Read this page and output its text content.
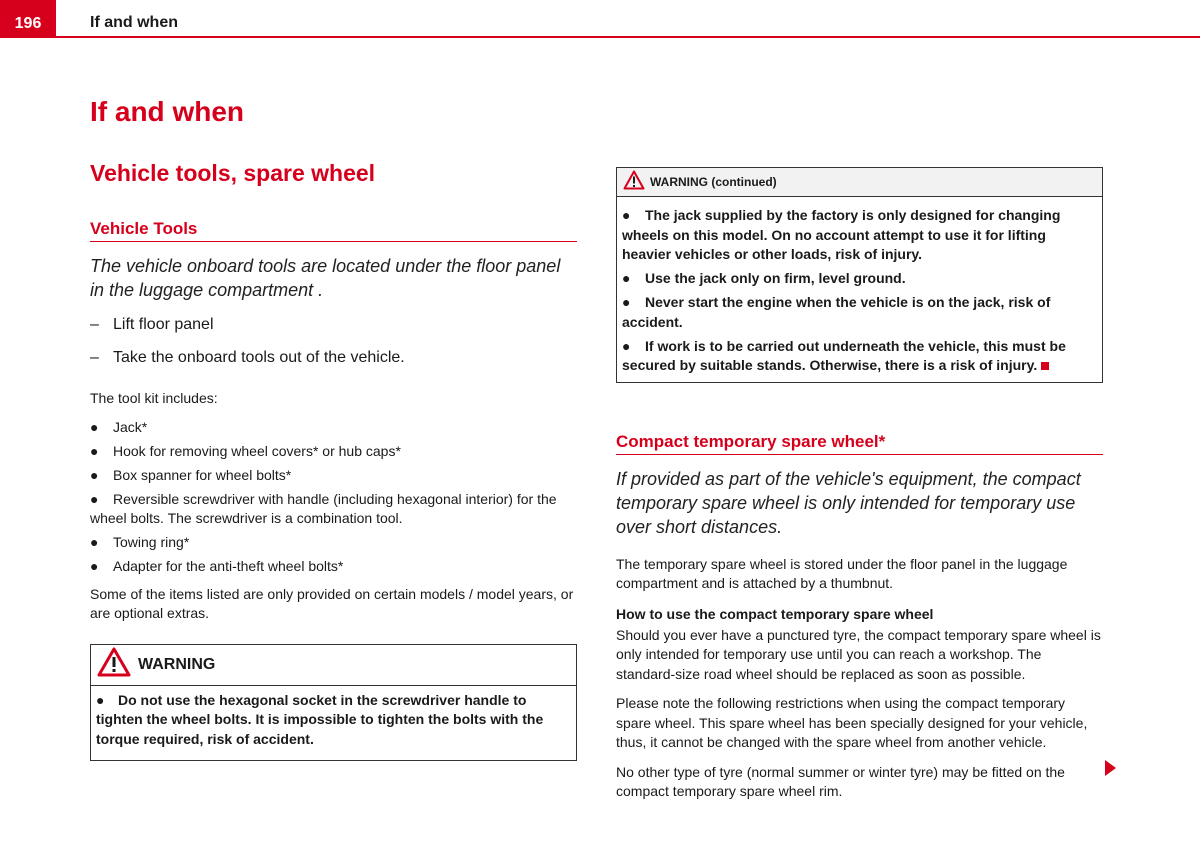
196	If and when
If and when
Vehicle tools, spare wheel
Vehicle Tools

The vehicle onboard tools are located under the floor panel in the luggage compartment .

– Lift floor panel
– Take the onboard tools out of the vehicle.

The tool kit includes:

● Jack*

● Hook for removing wheel covers* or hub caps*

● Box spanner for wheel bolts*

● Reversible screwdriver with handle (including hexagonal interior) for the wheel bolts. The screwdriver is a combination tool.

● Towing ring*

● Adapter for the anti-theft wheel bolts*

Some of the items listed are only provided on certain models / model years, or are optional extras.

WARNING

● Do not use the hexagonal socket in the screwdriver handle to tighten the wheel bolts. It is impossible to tighten the bolts with the torque required, risk of accident.

WARNING (continued)

● The jack supplied by the factory is only designed for changing wheels on this model. On no account attempt to use it for lifting heavier vehicles or other loads, risk of injury.

● Use the jack only on firm, level ground.

● Never start the engine when the vehicle is on the jack, risk of accident.

● If work is to be carried out underneath the vehicle, this must be secured by suitable stands. Otherwise, there is a risk of injury.

Compact temporary spare wheel*

If provided as part of the vehicle's equipment, the compact temporary spare wheel is only intended for temporary use over short distances.

The temporary spare wheel is stored under the floor panel in the luggage compartment and is attached by a thumbnut.

How to use the compact temporary spare wheel

Should you ever have a punctured tyre, the compact temporary spare wheel is only intended for temporary use until you can reach a workshop. The standard-size road wheel should be replaced as soon as possible.

Please note the following restrictions when using the compact temporary spare wheel. This spare wheel has been specially designed for your vehicle, thus, it cannot be changed with the spare wheel from another vehicle.

No other type of tyre (normal summer or winter tyre) may be fitted on the compact temporary spare wheel rim.
